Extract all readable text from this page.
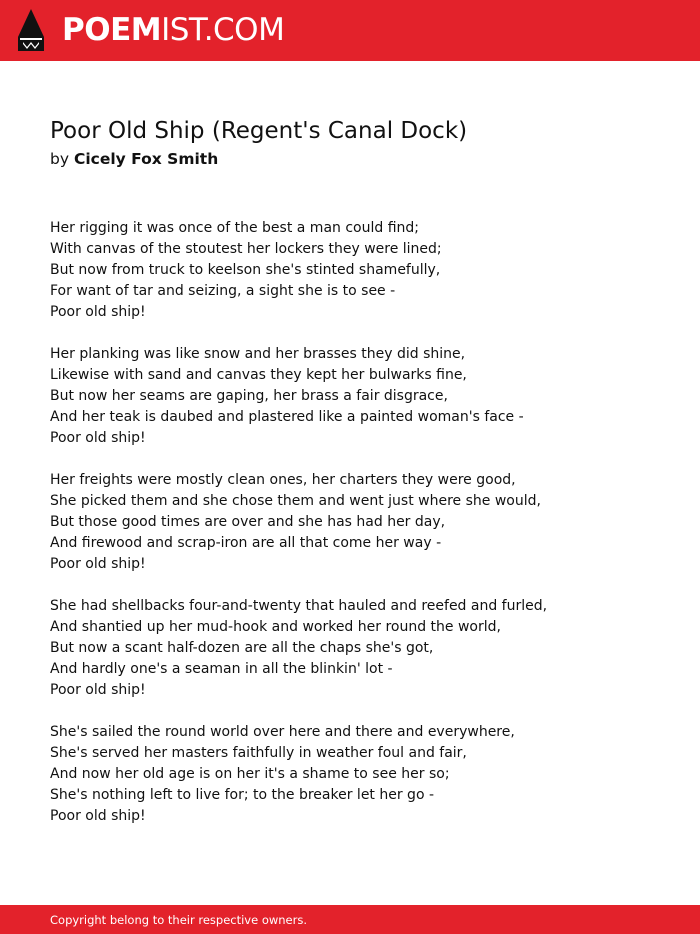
POEMIST.COM
Poor Old Ship (Regent's Canal Dock)
by Cicely Fox Smith
Her rigging it was once of the best a man could find;
With canvas of the stoutest her lockers they were lined;
But now from truck to keelson she's stinted shamefully,
For want of tar and seizing, a sight she is to see -
Poor old ship!
Her planking was like snow and her brasses they did shine,
Likewise with sand and canvas they kept her bulwarks fine,
But now her seams are gaping, her brass a fair disgrace,
And her teak is daubed and plastered like a painted woman's face -
Poor old ship!
Her freights were mostly clean ones, her charters they were good,
She picked them and she chose them and went just where she would,
But those good times are over and she has had her day,
And firewood and scrap-iron are all that come her way -
Poor old ship!
She had shellbacks four-and-twenty that hauled and reefed and furled,
And shantied up her mud-hook and worked her round the world,
But now a scant half-dozen are all the chaps she's got,
And hardly one's a seaman in all the blinkin' lot -
Poor old ship!
She's sailed the round world over here and there and everywhere,
She's served her masters faithfully in weather foul and fair,
And now her old age is on her it's a shame to see her so;
She's nothing left to live for; to the breaker let her go -
Poor old ship!
Copyright belong to their respective owners.
